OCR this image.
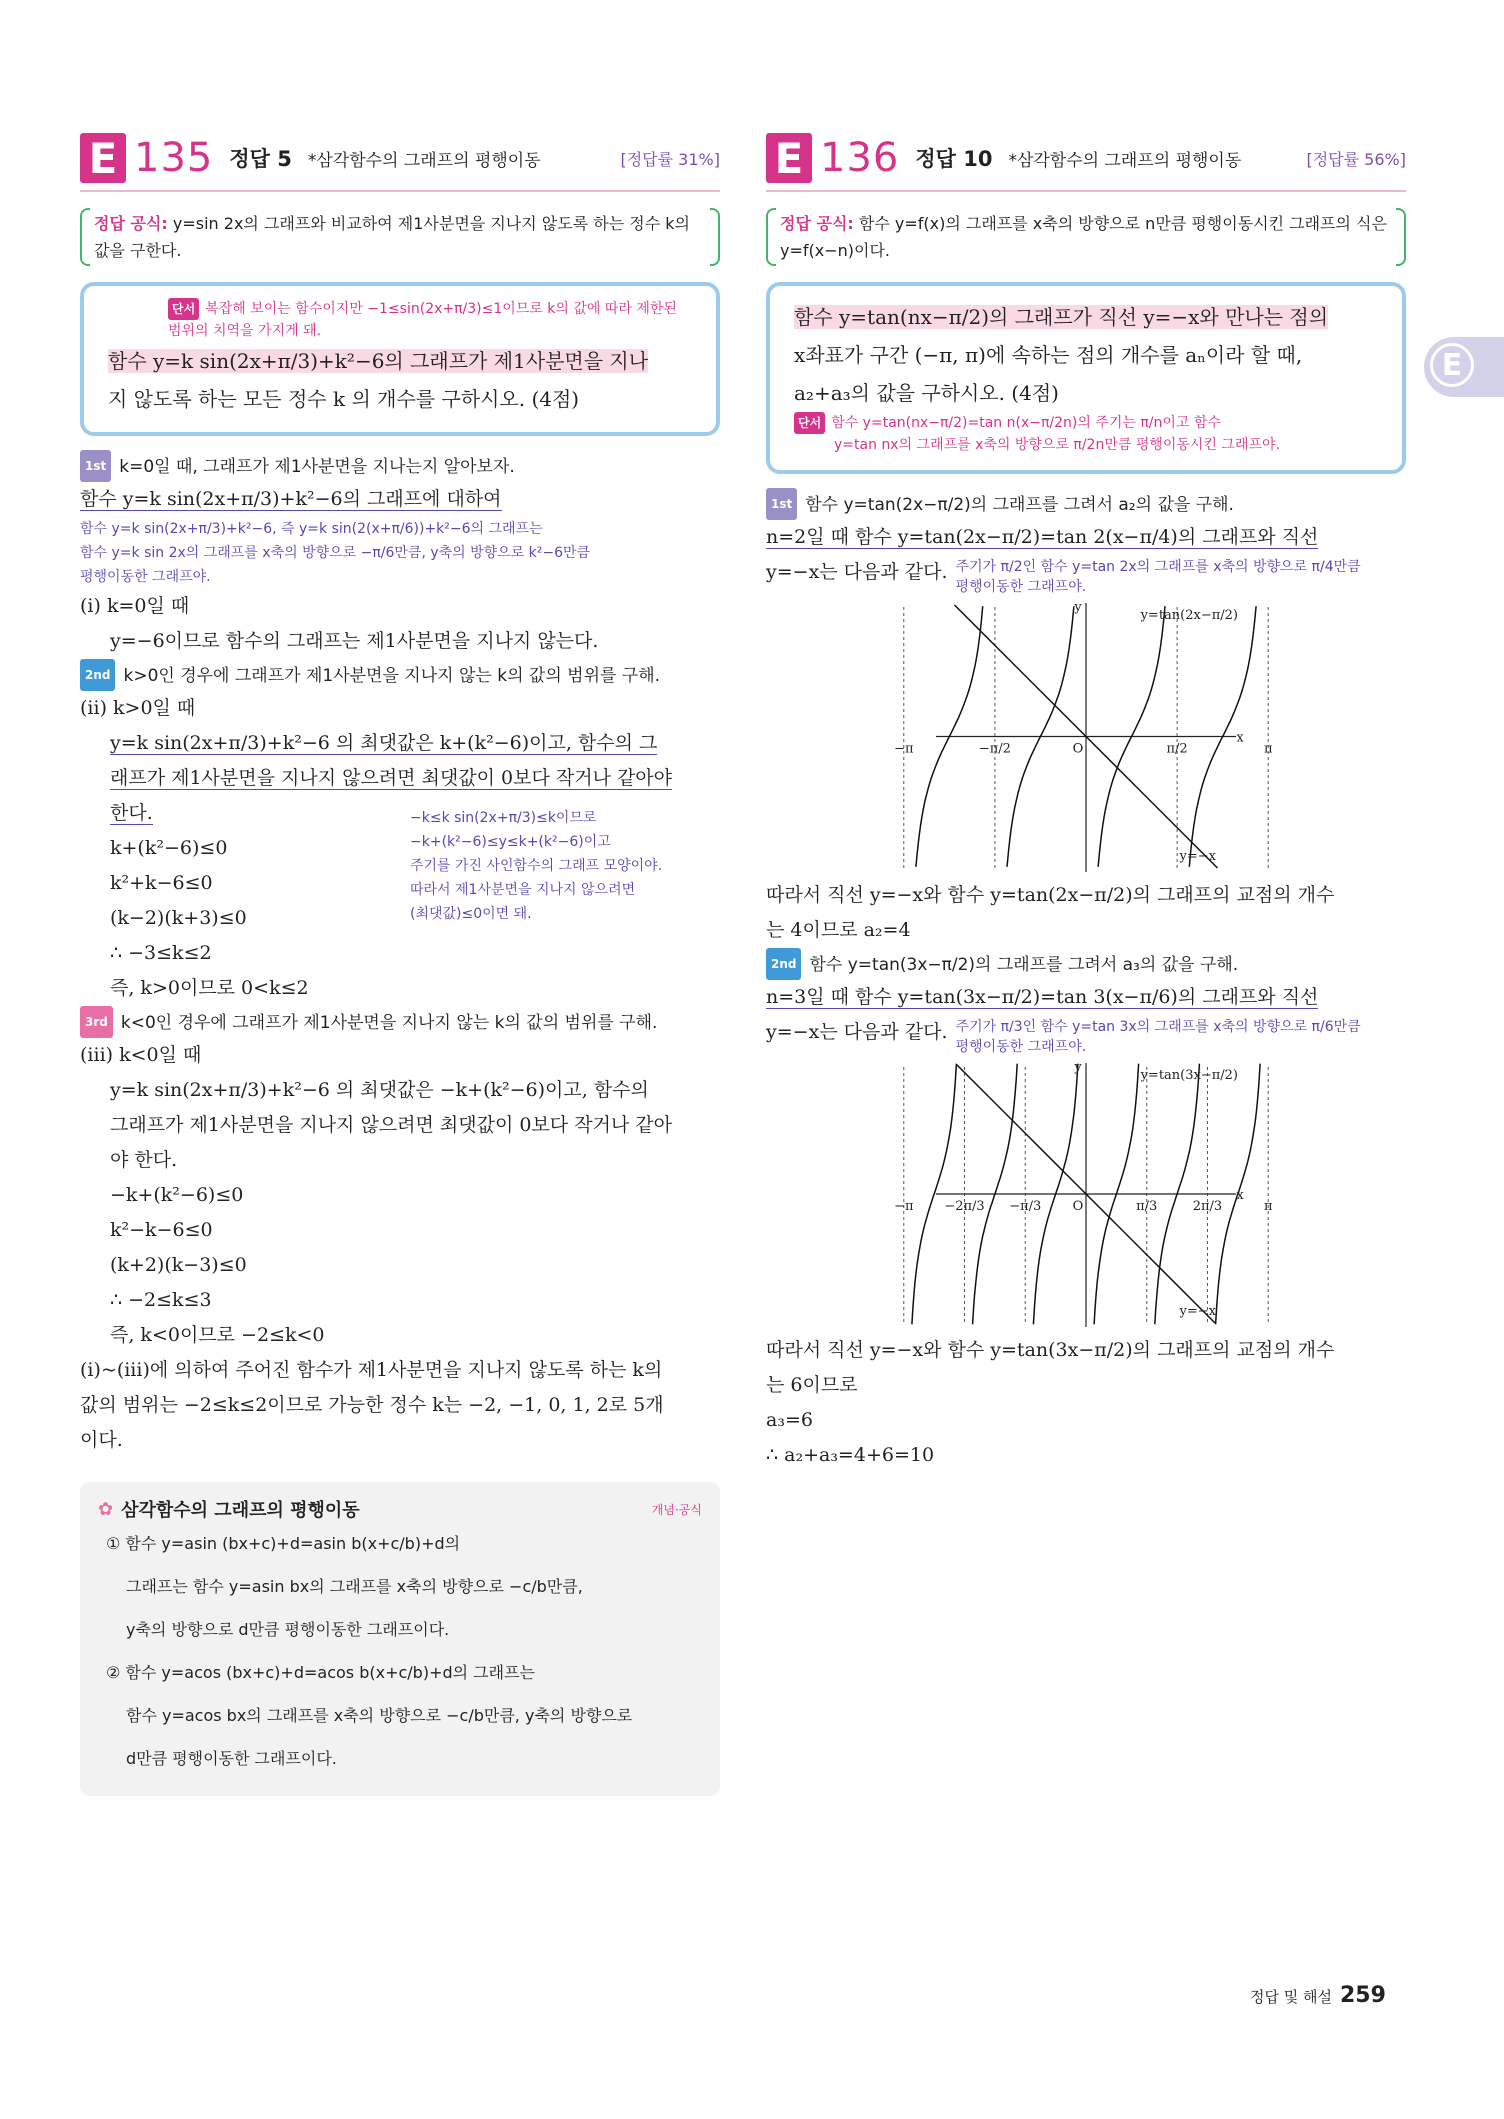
E 135 정답 5 *삼각함수의 그래프의 평행이동	[정답률 31%]
정답 공식: y=sin 2x의 그래프와 비교하여 제1사분면을 지나지 않도록 하는 정수 k의 값을 구한다.
단서 복잡해 보이는 함수이지만 −1≤sin(2x+π/3)≤1이므로 k의 값에 따라 제한된 범위의 치역을 가지게 돼.
함수 y=k sin(2x+π/3)+k²−6의 그래프가 제1사분면을 지나
지 않도록 하는 모든 정수 k 의 개수를 구하시오. (4점)
1st k=0일 때, 그래프가 제1사분면을 지나는지 알아보자.
함수 y=k sin(2x+π/3)+k²−6의 그래프에 대하여
함수 y=k sin(2x+π/3)+k²−6, 즉 y=k sin(2(x+π/6))+k²−6의 그래프는
함수 y=k sin 2x의 그래프를 x축의 방향으로 −π/6만큼, y축의 방향으로 k²−6만큼
평행이동한 그래프야.
(i) k=0일 때
y=−6이므로 함수의 그래프는 제1사분면을 지나지 않는다.
2nd k>0인 경우에 그래프가 제1사분면을 지나지 않는 k의 값의 범위를 구해.
(ii) k>0일 때
y=k sin(2x+π/3)+k²−6 의 최댓값은 k+(k²−6)이고, 함수의 그
래프가 제1사분면을 지나지 않으려면 최댓값이 0보다 작거나 같아야
한다.
k+(k²−6)≤0
k²+k−6≤0
(k−2)(k+3)≤0
∴ −3≤k≤2
−k≤k sin(2x+π/3)≤k이므로
−k+(k²−6)≤y≤k+(k²−6)이고
주기를 가진 사인함수의 그래프 모양이야.
따라서 제1사분면을 지나지 않으려면
(최댓값)≤0이면 돼.
즉, k>0이므로 0<k≤2
3rd k<0인 경우에 그래프가 제1사분면을 지나지 않는 k의 값의 범위를 구해.
(iii) k<0일 때
y=k sin(2x+π/3)+k²−6 의 최댓값은 −k+(k²−6)이고, 함수의
그래프가 제1사분면을 지나지 않으려면 최댓값이 0보다 작거나 같아
야 한다.
−k+(k²−6)≤0
k²−k−6≤0
(k+2)(k−3)≤0
∴ −2≤k≤3
즉, k<0이므로 −2≤k<0
(i)~(iii)에 의하여 주어진 함수가 제1사분면을 지나지 않도록 하는 k의
값의 범위는 −2≤k≤2이므로 가능한 정수 k는 −2, −1, 0, 1, 2로 5개
이다.
✿ 삼각함수의 그래프의 평행이동	개념·공식
① 함수 y=asin (bx+c)+d=asin b(x+c/b)+d의
그래프는 함수 y=asin bx의 그래프를 x축의 방향으로 −c/b만큼,
y축의 방향으로 d만큼 평행이동한 그래프이다.
② 함수 y=acos (bx+c)+d=acos b(x+c/b)+d의 그래프는
함수 y=acos bx의 그래프를 x축의 방향으로 −c/b만큼, y축의 방향으로
d만큼 평행이동한 그래프이다.
E 136 정답 10 *삼각함수의 그래프의 평행이동	[정답률 56%]
정답 공식: 함수 y=f(x)의 그래프를 x축의 방향으로 n만큼 평행이동시킨 그래프의 식은 y=f(x−n)이다.
함수 y=tan(nx−π/2)의 그래프가 직선 y=−x와 만나는 점의
x좌표가 구간 (−π, π)에 속하는 점의 개수를 aₙ이라 할 때,
a₂+a₃의 값을 구하시오. (4점)
단서 함수 y=tan(nx−π/2)=tan n(x−π/2n)의 주기는 π/n이고 함수
y=tan nx의 그래프를 x축의 방향으로 π/2n만큼 평행이동시킨 그래프야.
1st 함수 y=tan(2x−π/2)의 그래프를 그려서 a₂의 값을 구해.
n=2일 때 함수 y=tan(2x−π/2)=tan 2(x−π/4)의 그래프와 직선
y=−x는 다음과 같다. 주기가 π/2인 함수 y=tan 2x의 그래프를 x축의 방향으로 π/4만큼
평행이동한 그래프야.
y=tan(2x−π/2)
y=−x
y
x
−π	−π/2	O	π/2	π
따라서 직선 y=−x와 함수 y=tan(2x−π/2)의 그래프의 교점의 개수
는 4이므로 a₂=4
2nd 함수 y=tan(3x−π/2)의 그래프를 그려서 a₃의 값을 구해.
n=3일 때 함수 y=tan(3x−π/2)=tan 3(x−π/6)의 그래프와 직선
y=−x는 다음과 같다. 주기가 π/3인 함수 y=tan 3x의 그래프를 x축의 방향으로 π/6만큼
평행이동한 그래프야.
y=tan(3x−π/2)
y=−x
y
x
−π −2π/3 −π/3 O	π/3	2π/3	π
따라서 직선 y=−x와 함수 y=tan(3x−π/2)의 그래프의 교점의 개수
는 6이므로
a₃=6
∴ a₂+a₃=4+6=10
E
정답 및 해설 259
